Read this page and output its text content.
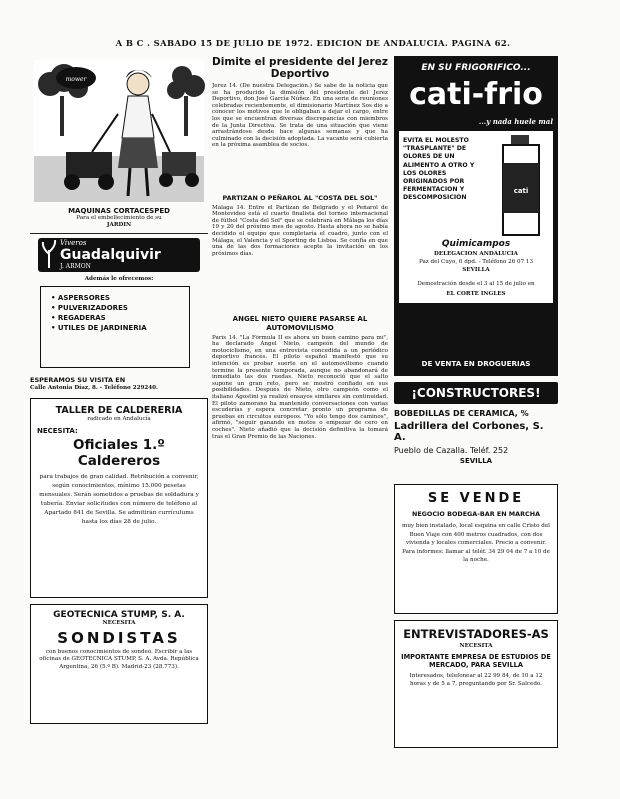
A B C . SABADO 15 DE JULIO DE 1972. EDICION DE ANDALUCIA. PAGINA 62.
mower
MAQUINAS CORTACESPED
Para el embellecimiento de su
JARDIN
Viveros
Guadalquivir
J. ARMON
Además le ofrecemos:
• ASPERSORES
• PULVERIZADORES
• REGADERAS
• UTILES DE JARDINERIA
ESPERAMOS SU VISITA EN
Calle Antonia Díaz, 8. - Teléfono 229240.
TALLER DE CALDERERIA
radicado en Andalucía
NECESITA:
Oficiales 1.º Caldereros
para trabajos de gran calidad. Retribución a convenir, según conocimientos, mínimo 15.000 pesetas mensuales. Serán sometidos a pruebas de soldadura y tubería. Enviar solicitudes con número de teléfono al Apartado 841 de Sevilla. Se admitirán currículums hasta los días 28 de julio.
GEOTECNICA STUMP, S. A.
NECESITA
SONDISTAS
con buenos conocimientos de sondeo. Escribir a las oficinas de GEOTECNICA STUMP, S. A. Avda. República Argentina, 26 (5.º B). Madrid-23 (28.773).
Dimite el presidente del Jerez Deportivo
Jerez 14. (De nuestra Delegación.) Se sabe de la noticia que se ha producido la dimisión del presidente del Jerez Deportivo, don José García Núñez. En una serie de reuniones celebradas recientemente, el dimisionario Martínez Sos dio a conocer los motivos que le obligaban a dejar el cargo, entre los que se encuentran diversas discrepancias con miembros de la Junta Directiva. Se trata de una situación que viene arrastrándose desde hace algunas semanas y que ha culminado con la decisión adoptada. La vacante será cubierta en la próxima asamblea de socios.
PARTIZAN O PEÑAROL AL "COSTA DEL SOL"
Málaga 14. Entre el Partizan de Belgrado y el Peñarol de Montevideo está el cuarto finalista del torneo internacional de fútbol "Costa del Sol" que se celebrará en Málaga los días 19 y 20 del próximo mes de agosto. Hasta ahora no se había decidido el equipo que completaría el cuadro, junto con el Málaga, el Valencia y el Sporting de Lisboa. Se confía en que una de las dos formaciones acepte la invitación en los próximos días.
ANGEL NIETO QUIERE PASARSE AL AUTOMOVILISMO
París 14. "La Fórmula II es ahora un buen camino para mí", ha declarado Ángel Nieto, campeón del mundo de motociclismo, en una entrevista concedida a un periódico deportivo francés. El piloto español manifestó que su intención es probar suerte en el automovilismo cuando termine la presente temporada, aunque no abandonará de inmediato las dos ruedas. Nieto reconoció que el salto supone un gran reto, pero se mostró confiado en sus posibilidades. Después de Nieto, otro campeón como el italiano Agostini ya realizó ensayos similares sin continuidad. El piloto zamorano ha mantenido conversaciones con varias escuderías y espera concretar pronto un programa de pruebas en circuitos europeos. "Yo sólo tengo dos caminos", afirmó, "seguir ganando en motos o empezar de cero en coches". Nieto añadió que la decisión definitiva la tomará tras el Gran Premio de las Naciones.
EN SU FRIGORIFICO...
cati-frio
...y nada huele mal
EVITA EL MOLESTO "TRASPLANTE" DE OLORES DE UN ALIMENTO A OTRO Y LOS OLORES ORIGINADOS POR FERMENTACION Y DESCOMPOSICION
cati
Quimicampos
DELEGACION ANDALUCIA
Paz del Cuyo, 6 dpd. - Teléfono 26 07 13
SEVILLA
Demostración desde el 3 al 15 de julio en
EL CORTE INGLES
DE VENTA EN DROGUERIAS
¡CONSTRUCTORES!
BOBEDILLAS DE CERAMICA, %
Ladrillera del Corbones, S. A.
Pueblo de Cazalla. Teléf. 252
SEVILLA
SE VENDE
NEGOCIO BODEGA-BAR EN MARCHA
muy bien instalado, local esquina en calle Cristo del Buen Viaje con 400 metros cuadrados, con dos vivienda y locales comerciales. Precio a convenir. Para informes: llamar al teléf. 34 29 04 de 7 a 10 de la noche.
ENTREVISTADORES-AS
NECESITA
IMPORTANTE EMPRESA DE ESTUDIOS DE MERCADO, PARA SEVILLA
Interesados, telefonear al 22 99 84, de 10 a 12 horas y de 5 a 7, preguntando por Sr. Salcedo.
